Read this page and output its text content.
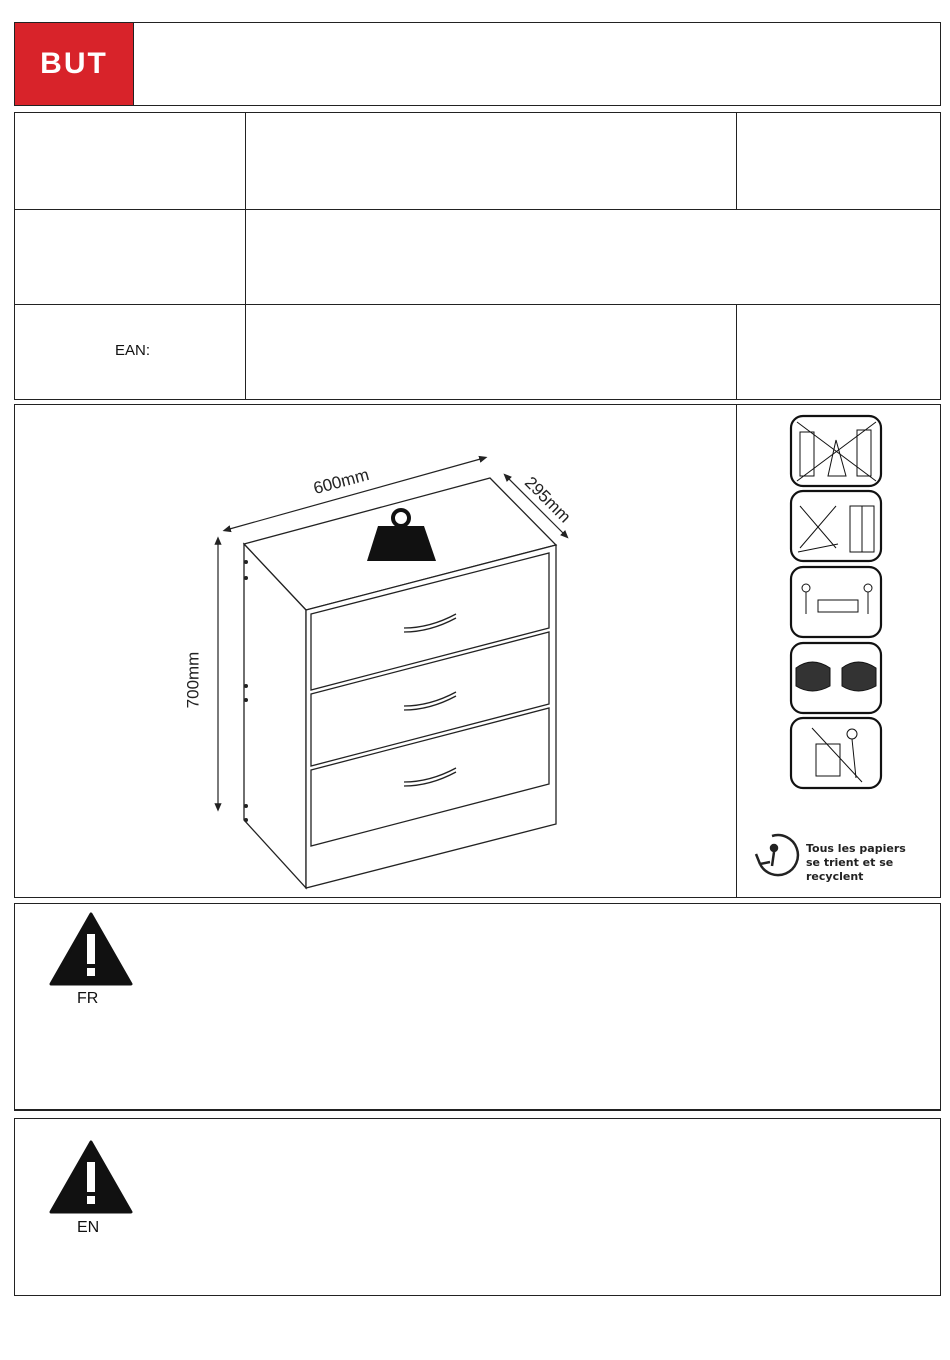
BUT
EAN:
600mm	295mm
700mm
Tous les papiers
se trient et se recyclent
FR
EN
